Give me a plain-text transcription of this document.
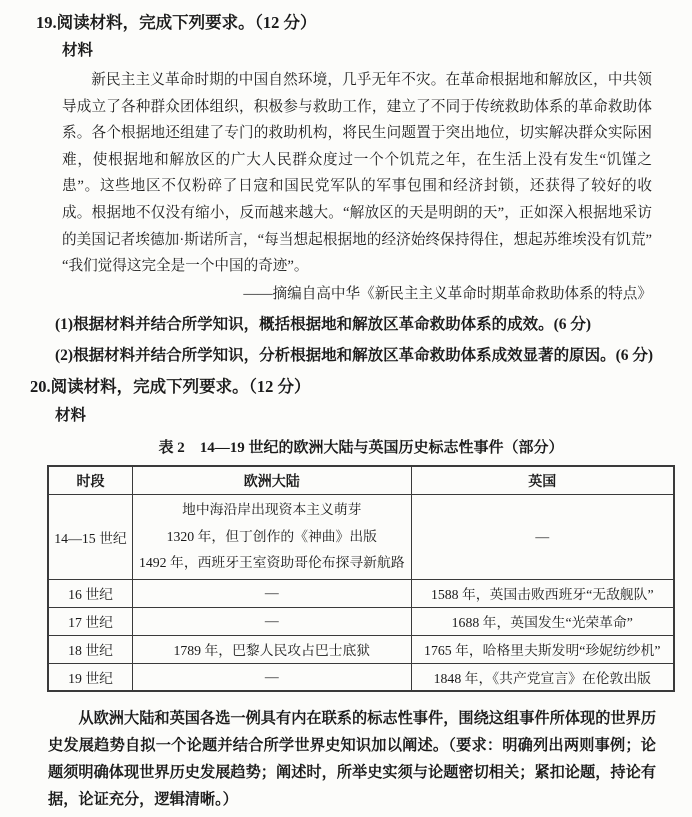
19.阅读材料，完成下列要求。（12 分）
材料

新民主主义革命时期的中国自然环境，几乎无年不灾。在革命根据地和解放区，中共领导成立了各种群众团体组织，积极参与救助工作，建立了不同于传统救助体系的革命救助体系。各个根据地还组建了专门的救助机构，将民生问题置于突出地位，切实解决群众实际困难，使根据地和解放区的广大人民群众度过一个个饥荒之年，在生活上没有发生“饥馑之患”。这些地区不仅粉碎了日寇和国民党军队的军事包围和经济封锁，还获得了较好的收成。根据地不仅没有缩小，反而越来越大。“解放区的天是明朗的天”，正如深入根据地采访的美国记者埃德加·斯诺所言，“每当想起根据地的经济始终保持得住，想起苏维埃没有饥荒”“我们觉得这完全是一个中国的奇迹”。

——摘编自高中华《新民主主义革命时期革命救助体系的特点》
(1)根据材料并结合所学知识，概括根据地和解放区革命救助体系的成效。(6 分)
(2)根据材料并结合所学知识，分析根据地和解放区革命救助体系成效显著的原因。(6 分)
20.阅读材料，完成下列要求。（12 分）
材料
表 2　14—19 世纪的欧洲大陆与英国历史标志性事件（部分）
时段	欧洲大陆	英国
14—15 世纪	地中海沿岸出现资本主义萌芽
1320 年，但丁创作的《神曲》出版
1492 年，西班牙王室资助哥伦布探寻新航路	—
16 世纪	—	1588 年，英国击败西班牙“无敌舰队”
17 世纪	—	1688 年，英国发生“光荣革命”
18 世纪	1789 年，巴黎人民攻占巴士底狱	1765 年，哈格里夫斯发明“珍妮纺纱机”
19 世纪	—	1848 年，《共产党宣言》在伦敦出版

从欧洲大陆和英国各选一例具有内在联系的标志性事件，围绕这组事件所体现的世界历史发展趋势自拟一个论题并结合所学世界史知识加以阐述。（要求：明确列出两则事例；论题须明确体现世界历史发展趋势；阐述时，所举史实须与论题密切相关；紧扣论题，持论有据，论证充分，逻辑清晰。）
